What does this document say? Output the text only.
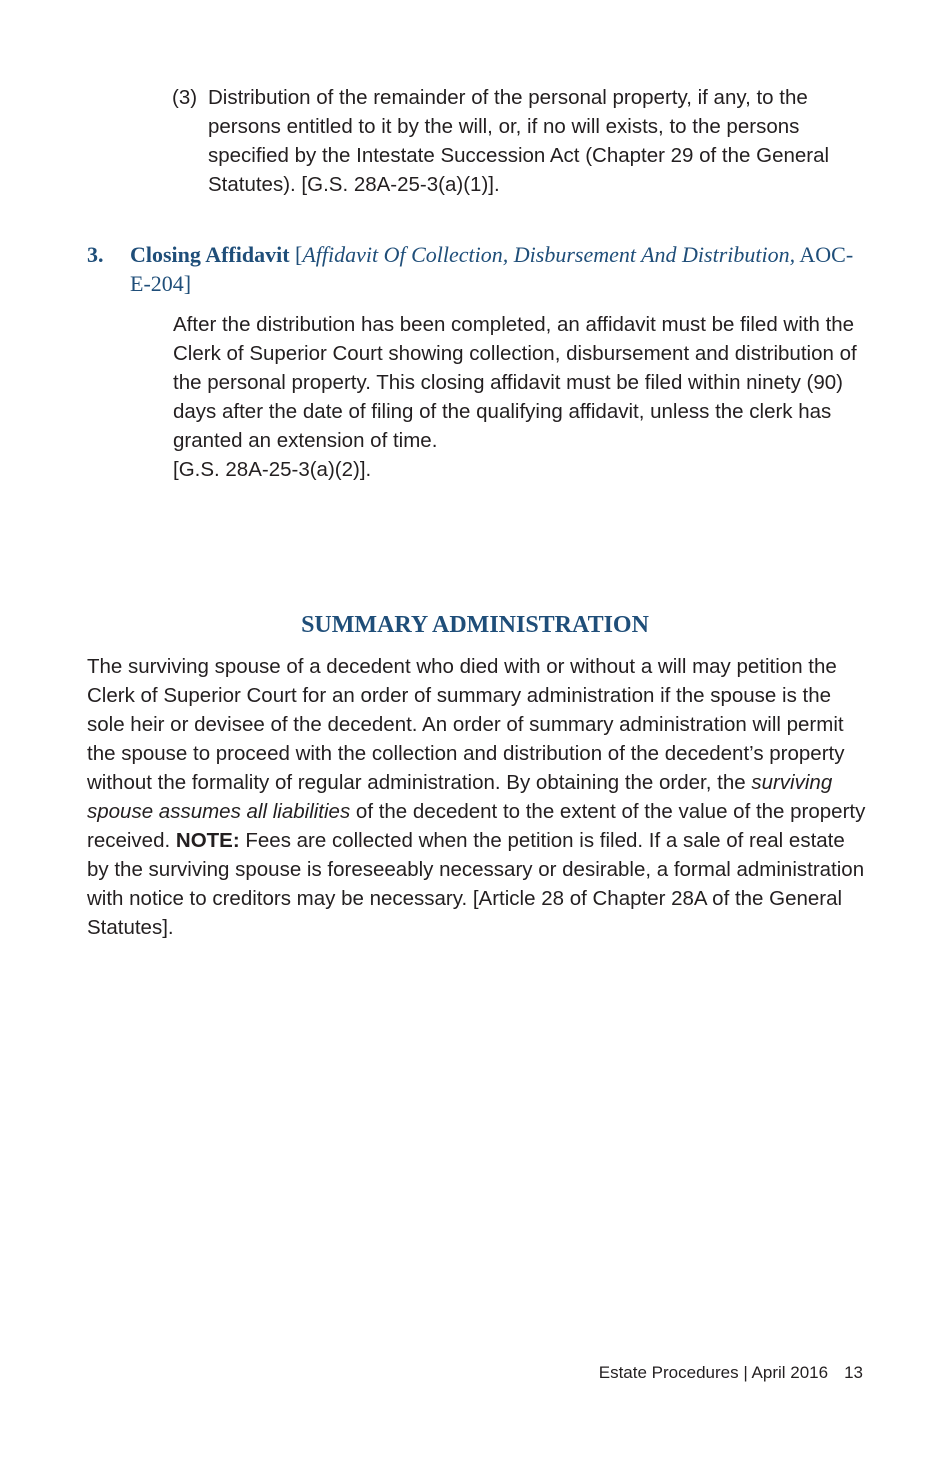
(3) Distribution of the remainder of the personal property, if any, to the persons entitled to it by the will, or, if no will exists, to the persons specified by the Intestate Succession Act (Chapter 29 of the General Statutes). [G.S. 28A-25-3(a)(1)].
3. Closing Affidavit [Affidavit Of Collection, Disbursement And Distribution, AOC-E-204]
After the distribution has been completed, an affidavit must be filed with the Clerk of Superior Court showing collection, disbursement and distribution of the personal property. This closing affidavit must be filed within ninety (90) days after the date of filing of the qualifying affidavit, unless the clerk has granted an extension of time.
[G.S. 28A-25-3(a)(2)].
SUMMARY ADMINISTRATION
The surviving spouse of a decedent who died with or without a will may petition the Clerk of Superior Court for an order of summary administration if the spouse is the sole heir or devisee of the decedent. An order of summary administration will permit the spouse to proceed with the collection and distribution of the decedent’s property without the formality of regular administration. By obtaining the order, the surviving spouse assumes all liabilities of the decedent to the extent of the value of the property received. NOTE: Fees are collected when the petition is filed. If a sale of real estate by the surviving spouse is foreseeably necessary or desirable, a formal administration with notice to creditors may be necessary. [Article 28 of Chapter 28A of the General Statutes].
Estate Procedures | April 2016 13
